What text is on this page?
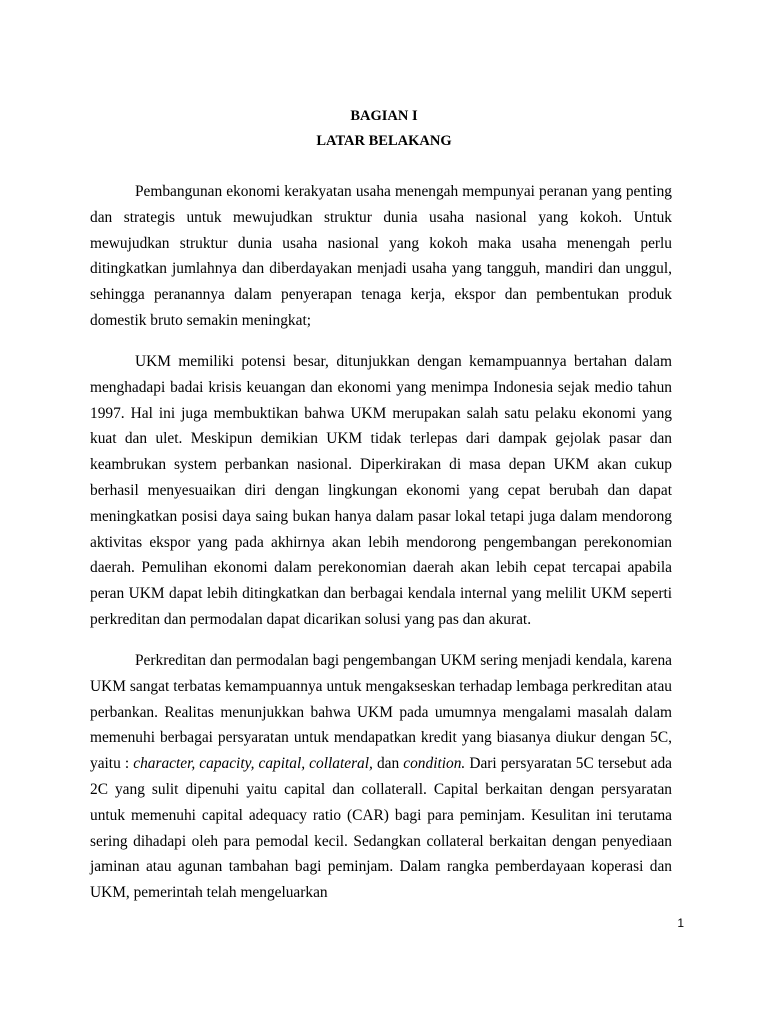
BAGIAN I
LATAR BELAKANG

Pembangunan ekonomi kerakyatan usaha menengah mempunyai peranan yang penting dan strategis untuk mewujudkan struktur dunia usaha nasional yang kokoh. Untuk mewujudkan struktur dunia usaha nasional yang kokoh maka usaha menengah perlu ditingkatkan jumlahnya dan diberdayakan menjadi usaha yang tangguh, mandiri dan unggul, sehingga peranannya dalam penyerapan tenaga kerja, ekspor dan pembentukan produk domestik bruto semakin meningkat;

UKM memiliki potensi besar, ditunjukkan dengan kemampuannya bertahan dalam menghadapi badai krisis keuangan dan ekonomi yang menimpa Indonesia sejak medio tahun 1997. Hal ini juga membuktikan bahwa UKM merupakan salah satu pelaku ekonomi yang kuat dan ulet. Meskipun demikian UKM tidak terlepas dari dampak gejolak pasar dan keambrukan system perbankan nasional. Diperkirakan di masa depan UKM akan cukup berhasil menyesuaikan diri dengan lingkungan ekonomi yang cepat berubah dan dapat meningkatkan posisi daya saing bukan hanya dalam pasar lokal tetapi juga dalam mendorong aktivitas ekspor yang pada akhirnya akan lebih mendorong pengembangan perekonomian daerah. Pemulihan ekonomi dalam perekonomian daerah akan lebih cepat tercapai apabila peran UKM dapat lebih ditingkatkan dan berbagai kendala internal yang melilit UKM seperti perkreditan dan permodalan dapat dicarikan solusi yang pas dan akurat.

Perkreditan dan permodalan bagi pengembangan UKM sering menjadi kendala, karena UKM sangat terbatas kemampuannya untuk mengakseskan terhadap lembaga perkreditan atau perbankan. Realitas menunjukkan bahwa UKM pada umumnya mengalami masalah dalam memenuhi berbagai persyaratan untuk mendapatkan kredit yang biasanya diukur dengan 5C, yaitu : character, capacity, capital, collateral, dan condition. Dari persyaratan 5C tersebut ada 2C yang sulit dipenuhi yaitu capital dan collaterall. Capital berkaitan dengan persyaratan untuk memenuhi capital adequacy ratio (CAR) bagi para peminjam. Kesulitan ini terutama sering dihadapi oleh para pemodal kecil. Sedangkan collateral berkaitan dengan penyediaan jaminan atau agunan tambahan bagi peminjam. Dalam rangka pemberdayaan koperasi dan UKM, pemerintah telah mengeluarkan

1
